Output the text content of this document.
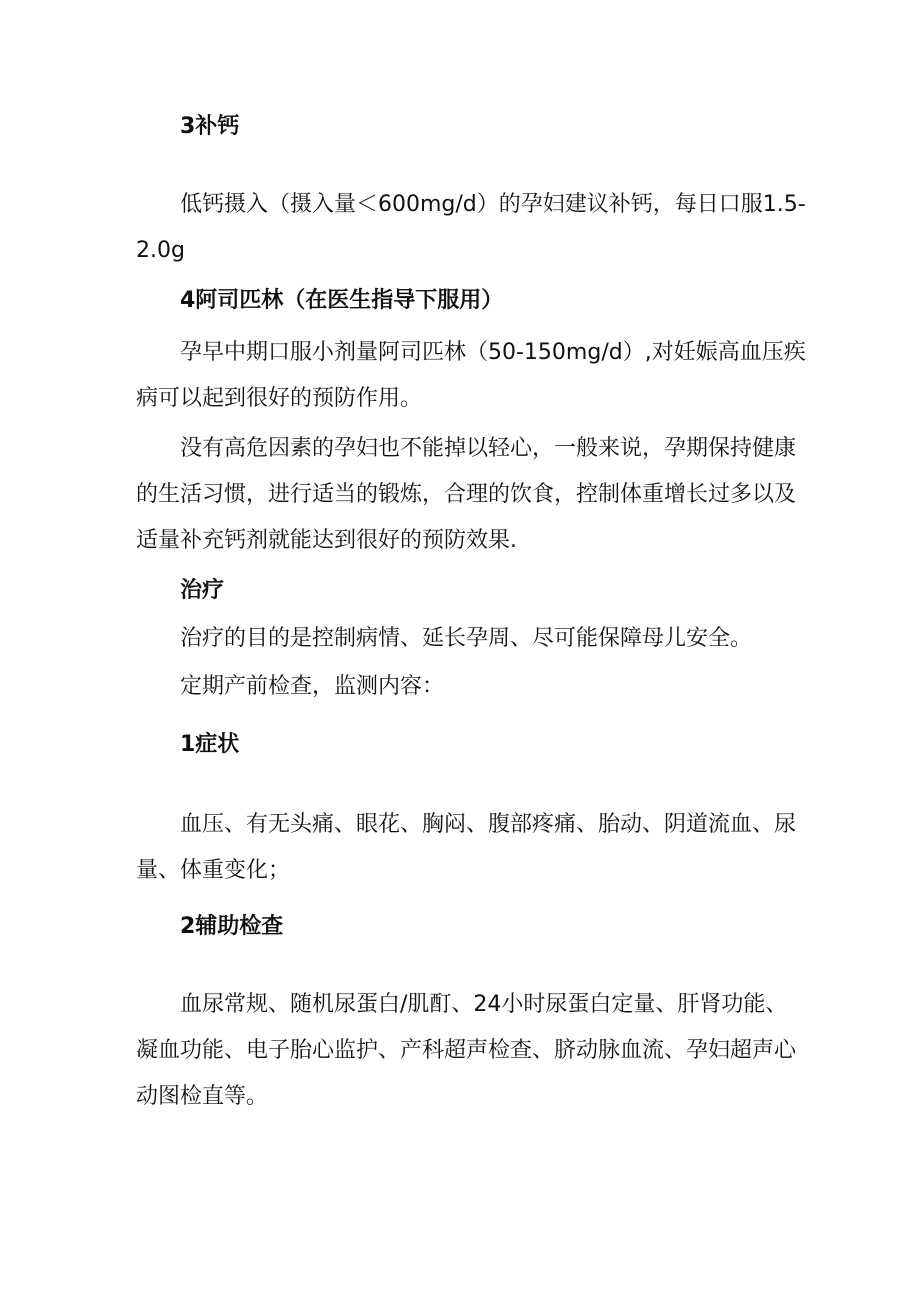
3补钙

低钙摄入（摄入量＜600mg/d）的孕妇建议补钙，每日口服1.5-
2.0g

4阿司匹林（在医生指导下服用）

孕早中期口服小剂量阿司匹林（50-150mg/d）,对妊娠高血压疾
病可以起到很好的预防作用。
没有高危因素的孕妇也不能掉以轻心，一般来说，孕期保持健康
的生活习惯，进行适当的锻炼，合理的饮食，控制体重增长过多以及
适量补充钙剂就能达到很好的预防效果.

治疗

治疗的目的是控制病情、延长孕周、尽可能保障母儿安全。

定期产前检查，监测内容：

1症状

血压、有无头痛、眼花、胸闷、腹部疼痛、胎动、阴道流血、尿
量、体重变化；

2辅助检查

血尿常规、随机尿蛋白/肌酊、24小时尿蛋白定量、肝肾功能、
凝血功能、电子胎心监护、产科超声检查、脐动脉血流、孕妇超声心
动图检直等。
